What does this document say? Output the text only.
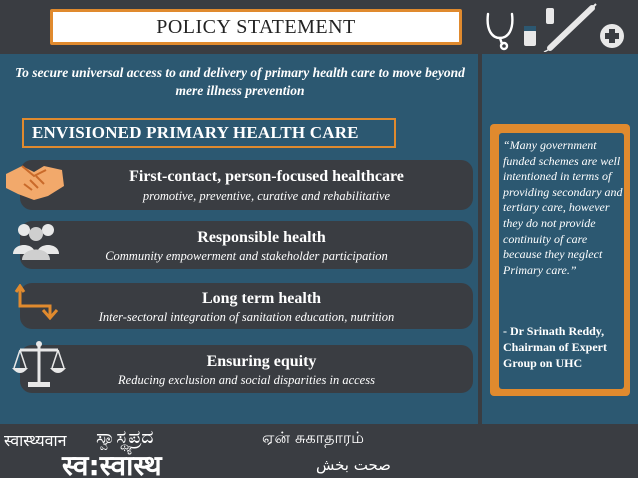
POLICY STATEMENT
To secure universal access to and delivery of primary health care to move beyond mere illness prevention
ENVISIONED PRIMARY HEALTH CARE
First-contact, person-focused healthcare
promotive, preventive, curative and rehabilitative
Responsible health
Community empowerment and stakeholder participation
Long term health
Inter-sectoral integration of sanitation education, nutrition
Ensuring equity
Reducing exclusion and social disparities in access
“Many government funded schemes are well intentioned in terms of providing secondary and tertiary care, however they do not provide continuity of care because they neglect Primary care.”
- Dr Srinath Reddy, Chairman of Expert Group on UHC
स्वास्थ्यवान ಸ್ವಾಸ್ಥ್ಯಪ್ರದ	ஏன் சுகாதாரம்
स्व:स्वास्थ	صحت بخش
